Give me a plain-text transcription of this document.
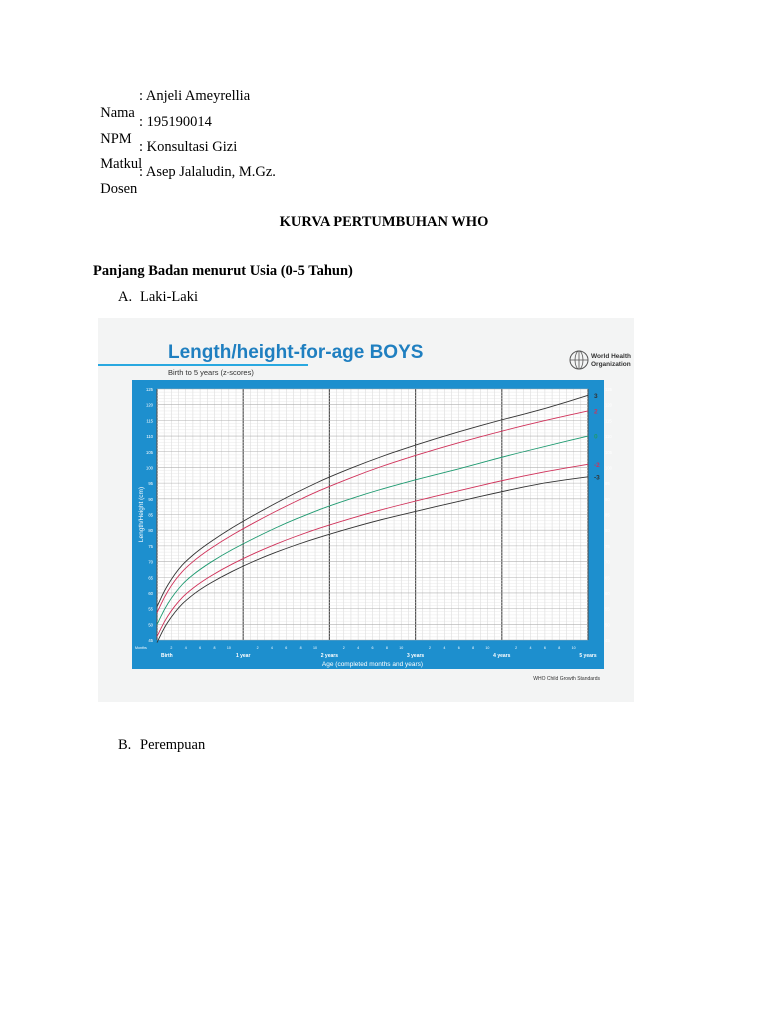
Nama
: Anjeli Ameyrellia

NPM
: 195190014

Matkul
: Konsultasi Gizi

Dosen
: Asep Jalaludin, M.Gz.

KURVA PERTUMBUHAN WHO
Panjang Badan menurut Usia (0-5 Tahun)
A. Laki-Laki
Length/height-for-age BOYS
Birth to 5 years (z-scores)
World Health
Organization
45	45
50	50
55	55
60	60
65	65
70	70
75	75
80	80
85	85
90	90
95	95
100	100
105	105
110	110
115	115
120	120
125	125
Length/Height (cm)
Months	2	4	6	8	10	2	4	6	8	10	2	4	6	8	10	2	4	6	8	10	2	4	6	8	10
Birth	1 year	2 years	3 years	4 years	5 years
Age (completed months and years)
3
2
0
-2
-3
WHO Child Growth Standards
B. Perempuan
